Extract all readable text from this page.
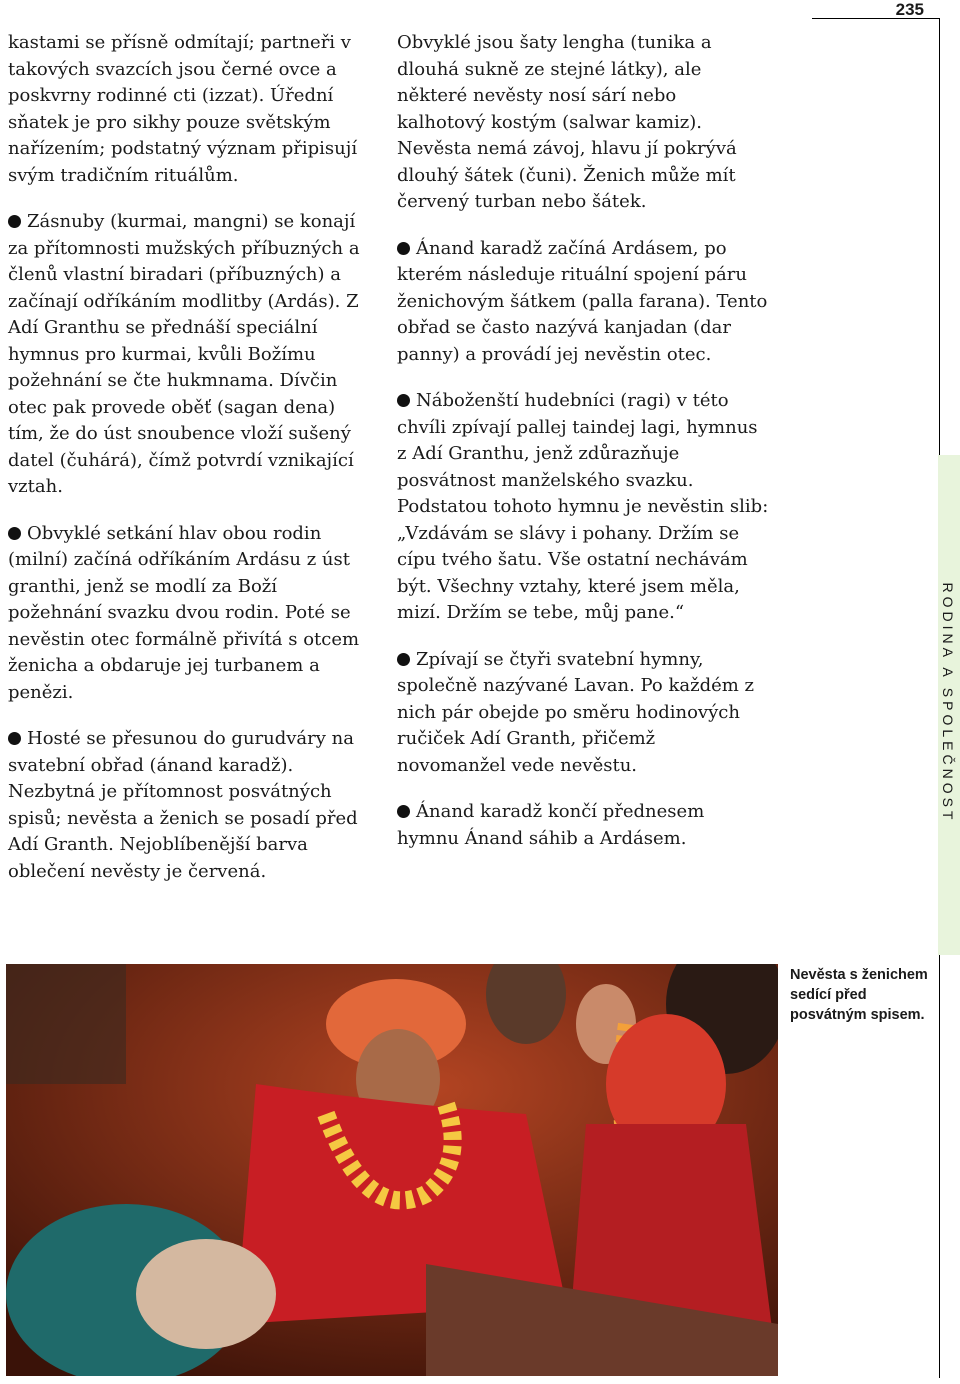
235
RODINA A SPOLEČNOST

kastami se přísně odmítají; partneři v takových svazcích jsou černé ovce a poskvrny rodinné cti (izzat). Úřední sňatek je pro sikhy pouze světským nařízením; podstatný význam připisují svým tradičním rituálům.

Zásnuby (kurmai, mangni) se konají za přítomnosti mužských příbuzných a členů vlastní biradari (příbuzných) a začínají odříkáním modlitby (Ardás). Z Adí Granthu se přednáší speciální hymnus pro kurmai, kvůli Božímu požehnání se čte hukmnama. Dívčin otec pak provede oběť (sagan dena) tím, že do úst snoubence vloží sušený datel (čuhárá), čímž potvrdí vznikající vztah.

Obvyklé setkání hlav obou rodin (milní) začíná odříkáním Ardásu z úst granthi, jenž se modlí za Boží požehnání svazku dvou rodin. Poté se nevěstin otec formálně přivítá s otcem ženicha a obdaruje jej turbanem a penězi.

Hosté se přesunou do gurudváry na svatební obřad (ánand karadž). Nezbytná je přítomnost posvátných spisů; nevěsta a ženich se posadí před Adí Granth. Nejoblíbenější barva oblečení nevěsty je červená.

Obvyklé jsou šaty lengha (tunika a dlouhá sukně ze stejné látky), ale některé nevěsty nosí sárí nebo kalhotový kostým (salwar kamiz). Nevěsta nemá závoj, hlavu jí pokrývá dlouhý šátek (čuni). Ženich může mít červený turban nebo šátek.

Ánand karadž začíná Ardásem, po kterém následuje rituální spojení páru ženichovým šátkem (palla farana). Tento obřad se často nazývá kanjadan (dar panny) a provádí jej nevěstin otec.

Náboženští hudebníci (ragi) v této chvíli zpívají pallej taindej lagi, hymnus z Adí Granthu, jenž zdůrazňuje posvátnost manželského svazku. Podstatou tohoto hymnu je nevěstin slib: „Vzdávám se slávy i pohany. Držím se cípu tvého šatu. Vše ostatní nechávám být. Všechny vztahy, které jsem měla, mizí. Držím se tebe, můj pane.“

Zpívají se čtyři svatební hymny, společně nazývané Lavan. Po každém z nich pár obejde po směru hodinových ručiček Adí Granth, přičemž novomanžel vede nevěstu.

Ánand karadž končí přednesem hymnu Ánand sáhib a Ardásem.

Nevěsta s ženichem sedící před posvátným spisem.
